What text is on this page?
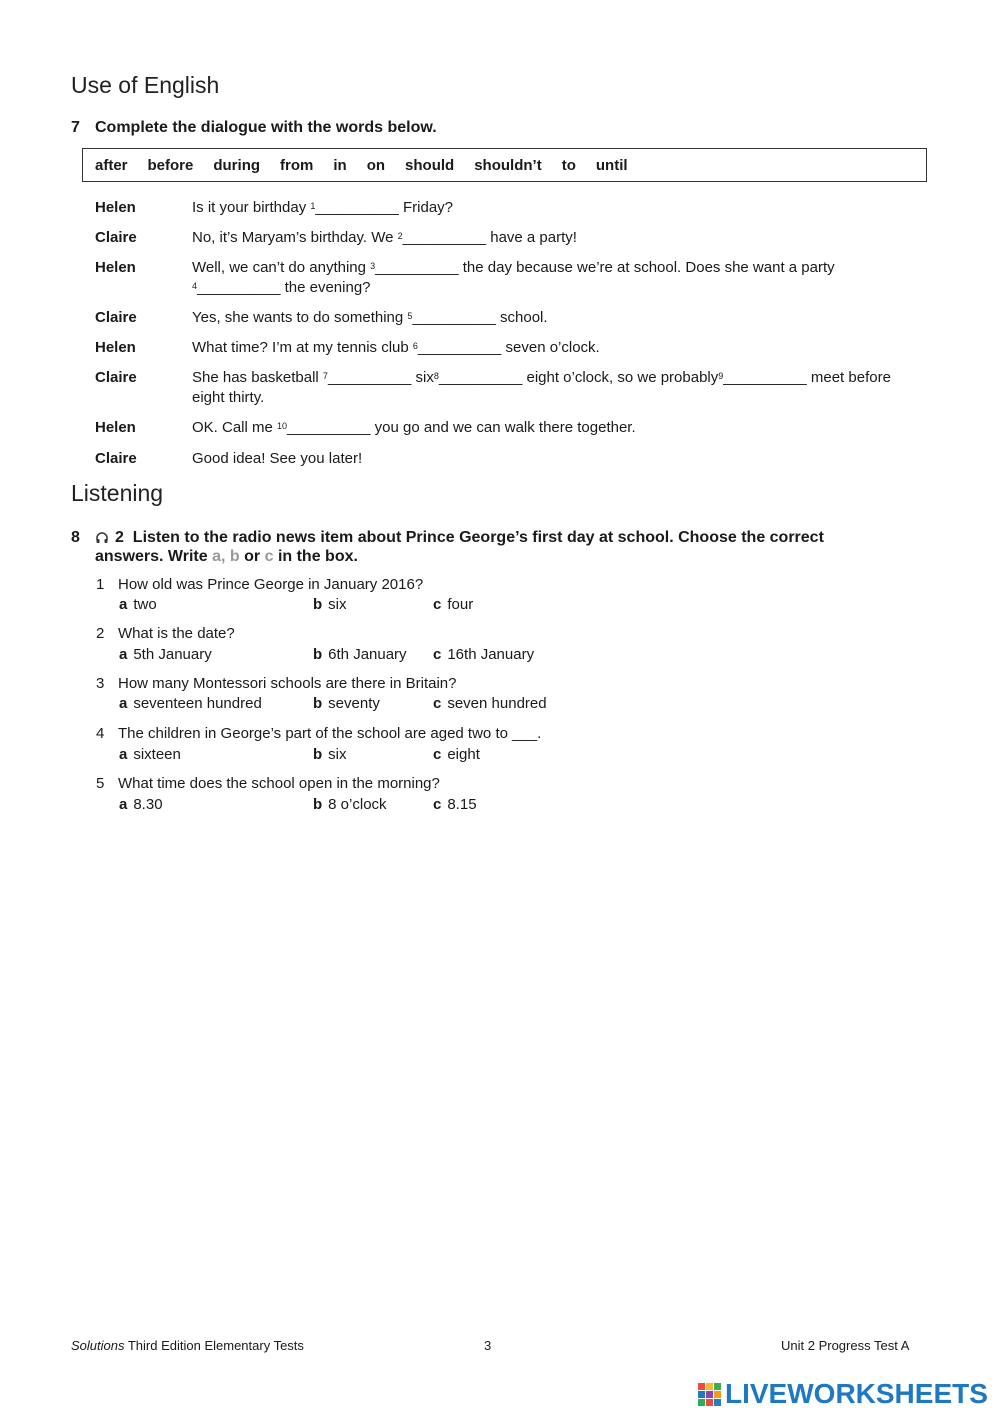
Use of English
7 Complete the dialogue with the words below.
after before during from in on should shouldn’t to until
Helen	Is it your birthday $^1$__________ Friday?
Claire	No, it’s Maryam’s birthday. We $^2$__________ have a party!
Helen	Well, we can’t do anything $^3$__________ the day because we’re at school. Does she want a party
$^4$__________ the evening?
Claire	Yes, she wants to do something $^5$__________ school.
Helen	What time? I’m at my tennis club $^6$__________ seven o’clock.
Claire	She has basketball $^7$__________ six$^8$__________ eight o’clock, so we probably$^9$__________ meet before
eight thirty.
Helen	OK. Call me $^{10}$__________ you go and we can walk there together.
Claire	Good idea! See you later!
Listening
8 2 Listen to the radio news item about Prince George’s first day at school. Choose the correct
answers. Write a, b or c in the box.
1 How old was Prince George in January 2016?
a two	b six	c four
2 What is the date?
a 5th January	b 6th January c 16th January
3 How many Montessori schools are there in Britain?
a seventeen hundred	b seventy	c seven hundred
4 The children in George’s part of the school are aged two to ___.
a sixteen	b six	c eight
5 What time does the school open in the morning?
a 8.30	b 8 o’clock	c 8.15
Solutions Third Edition Elementary Tests	3	Unit 2 Progress Test A
LIVEWORKSHEETS
